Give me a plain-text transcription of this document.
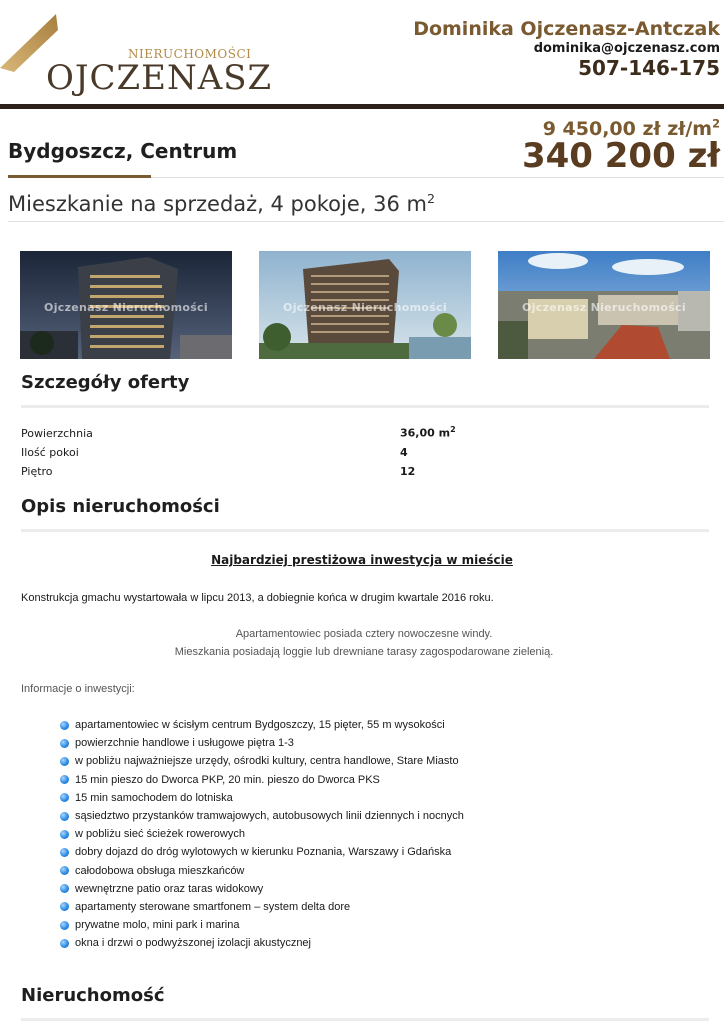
NIERUCHOMOŚCI
OJCZENASZ
Dominika Ojczenasz-Antczak
dominika@ojczenasz.com
507-146-175
Bydgoszcz, Centrum
9 450,00 zł $zł/m^2$
340 200 zł
Mieszkanie na sprzedaż, 4 pokoje, 36 $m^2$
Ojczenasz Nieruchomości	Ojczenasz Nieruchomości	Ojczenasz Nieruchomości
Szczegóły oferty
Powierzchnia	36,00 $m^2$
Ilość pokoi	4
Piętro	12
Opis nieruchomości
Najbardziej prestiżowa inwestycja w mieście
Konstrukcja gmachu wystartowała w lipcu 2013, a dobiegnie końca w drugim kwartale 2016 roku.
Apartamentowiec posiada cztery nowoczesne windy.
Mieszkania posiadają loggie lub drewniane tarasy zagospodarowane zielenią.
Informacje o inwestycji:
apartamentowiec w ścisłym centrum Bydgoszczy, 15 pięter, 55 m wysokości
powierzchnie handlowe i usługowe piętra 1-3
w pobliżu najważniejsze urzędy, ośrodki kultury, centra handlowe, Stare Miasto
15 min pieszo do Dworca PKP, 20 min. pieszo do Dworca PKS
15 min samochodem do lotniska
sąsiedztwo przystanków tramwajowych, autobusowych linii dziennych i nocnych
w pobliżu sieć ścieżek rowerowych
dobry dojazd do dróg wylotowych w kierunku Poznania, Warszawy i Gdańska
całodobowa obsługa mieszkańców
wewnętrzne patio oraz taras widokowy
apartamenty sterowane smartfonem – system delta dore
prywatne molo, mini park i marina
okna i drzwi o podwyższonej izolacji akustycznej
Nieruchomość
